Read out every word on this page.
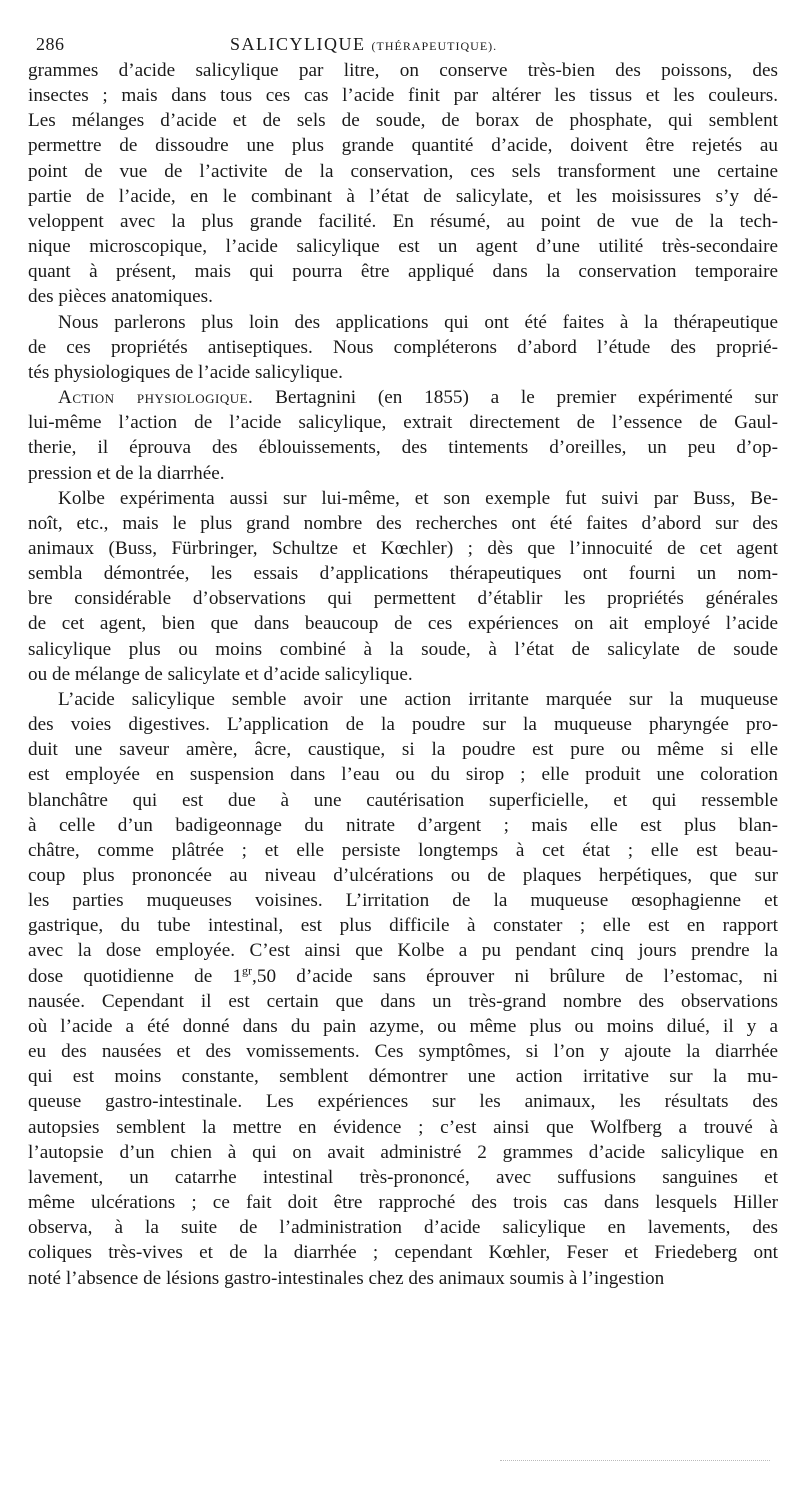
286	SALICYLIQUE (THÉRAPEUTIQUE).
grammes d’acide salicylique par litre, on conserve très-bien des poissons, des
insectes ; mais dans tous ces cas l’acide finit par altérer les tissus et les couleurs.
Les mélanges d’acide et de sels de soude, de borax de phosphate, qui semblent
permettre de dissoudre une plus grande quantité d’acide, doivent être rejetés au
point de vue de l’activite de la conservation, ces sels transforment une certaine
partie de l’acide, en le combinant à l’état de salicylate, et les moisissures s’y dé-
veloppent avec la plus grande facilité. En résumé, au point de vue de la tech-
nique microscopique, l’acide salicylique est un agent d’une utilité très-secondaire
quant à présent, mais qui pourra être appliqué dans la conservation temporaire
des pièces anatomiques.
Nous parlerons plus loin des applications qui ont été faites à la thérapeutique
de ces propriétés antiseptiques. Nous compléterons d’abord l’étude des proprié-
tés physiologiques de l’acide salicylique.
Action physiologique. Bertagnini (en 1855) a le premier expérimenté sur
lui-même l’action de l’acide salicylique, extrait directement de l’essence de Gaul-
therie, il éprouva des éblouissements, des tintements d’oreilles, un peu d’op-
pression et de la diarrhée.
Kolbe expérimenta aussi sur lui-même, et son exemple fut suivi par Buss, Be-
noît, etc., mais le plus grand nombre des recherches ont été faites d’abord sur des
animaux (Buss, Fürbringer, Schultze et Kœchler) ; dès que l’innocuité de cet agent
sembla démontrée, les essais d’applications thérapeutiques ont fourni un nom-
bre considérable d’observations qui permettent d’établir les propriétés générales
de cet agent, bien que dans beaucoup de ces expériences on ait employé l’acide
salicylique plus ou moins combiné à la soude, à l’état de salicylate de soude
ou de mélange de salicylate et d’acide salicylique.
L’acide salicylique semble avoir une action irritante marquée sur la muqueuse
des voies digestives. L’application de la poudre sur la muqueuse pharyngée pro-
duit une saveur amère, âcre, caustique, si la poudre est pure ou même si elle
est employée en suspension dans l’eau ou du sirop ; elle produit une coloration
blanchâtre qui est due à une cautérisation superficielle, et qui ressemble
à celle d’un badigeonnage du nitrate d’argent ; mais elle est plus blan-
châtre, comme plâtrée ; et elle persiste longtemps à cet état ; elle est beau-
coup plus prononcée au niveau d’ulcérations ou de plaques herpétiques, que sur
les parties muqueuses voisines. L’irritation de la muqueuse œsophagienne et
gastrique, du tube intestinal, est plus difficile à constater ; elle est en rapport
avec la dose employée. C’est ainsi que Kolbe a pu pendant cinq jours prendre la
dose quotidienne de $1^{gr},50$ d’acide sans éprouver ni brûlure de l’estomac, ni
nausée. Cependant il est certain que dans un très-grand nombre des observations
où l’acide a été donné dans du pain azyme, ou même plus ou moins dilué, il y a
eu des nausées et des vomissements. Ces symptômes, si l’on y ajoute la diarrhée
qui est moins constante, semblent démontrer une action irritative sur la mu-
queuse gastro-intestinale. Les expériences sur les animaux, les résultats des
autopsies semblent la mettre en évidence ; c’est ainsi que Wolfberg a trouvé à
l’autopsie d’un chien à qui on avait administré 2 grammes d’acide salicylique en
lavement, un catarrhe intestinal très-prononcé, avec suffusions sanguines et
même ulcérations ; ce fait doit être rapproché des trois cas dans lesquels Hiller
observa, à la suite de l’administration d’acide salicylique en lavements, des
coliques très-vives et de la diarrhée ; cependant Kœhler, Feser et Friedeberg ont
noté l’absence de lésions gastro-intestinales chez des animaux soumis à l’ingestion
